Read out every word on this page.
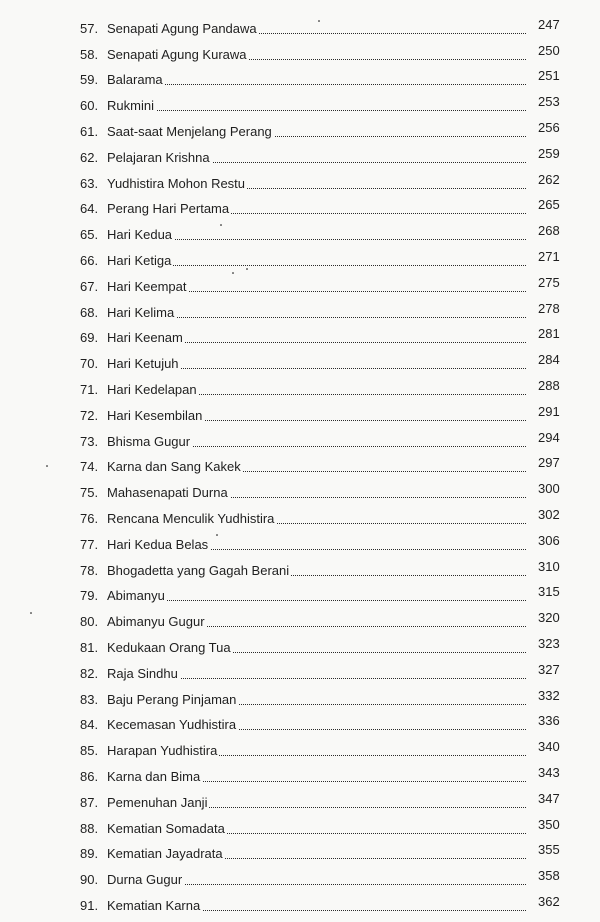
57. Senapati Agung Pandawa	247
58. Senapati Agung Kurawa	250
59. Balarama	251
60. Rukmini	253
61. Saat-saat Menjelang Perang	256
62. Pelajaran Krishna	259
63. Yudhistira Mohon Restu	262
64. Perang Hari Pertama	265
65. Hari Kedua	268
66. Hari Ketiga	271
67. Hari Keempat	275
68. Hari Kelima	278
69. Hari Keenam	281
70. Hari Ketujuh	284
71. Hari Kedelapan	288
72. Hari Kesembilan	291
73. Bhisma Gugur	294
74. Karna dan Sang Kakek	297
75. Mahasenapati Durna	300
76. Rencana Menculik Yudhistira	302
77. Hari Kedua Belas	306
78. Bhogadetta yang Gagah Berani	310
79. Abimanyu	315
80. Abimanyu Gugur	320
81. Kedukaan Orang Tua	323
82. Raja Sindhu	327
83. Baju Perang Pinjaman	332
84. Kecemasan Yudhistira	336
85. Harapan Yudhistira	340
86. Karna dan Bima	343
87. Pemenuhan Janji	347
88. Kematian Somadata	350
89. Kematian Jayadrata	355
90. Durna Gugur	358
91. Kematian Karna	362
